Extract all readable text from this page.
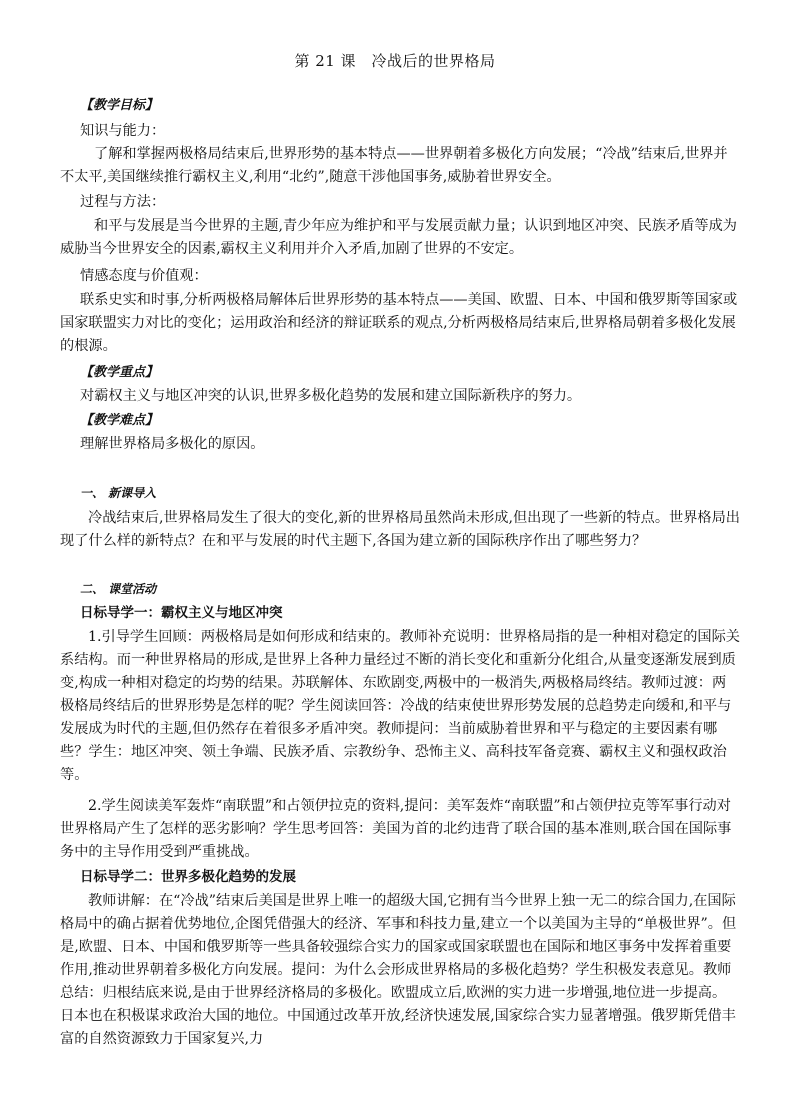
第 21 课　冷战后的世界格局
【教学目标】
知识与能力：
了解和掌握两极格局结束后,世界形势的基本特点——世界朝着多极化方向发展；“冷战”结束后,世界并不太平,美国继续推行霸权主义,利用“北约”,随意干涉他国事务,威胁着世界安全。
过程与方法：
和平与发展是当今世界的主题,青少年应为维护和平与发展贡献力量；认识到地区冲突、民族矛盾等成为威胁当今世界安全的因素,霸权主义利用并介入矛盾,加剧了世界的不安定。
情感态度与价值观：
联系史实和时事,分析两极格局解体后世界形势的基本特点——美国、欧盟、日本、中国和俄罗斯等国家或国家联盟实力对比的变化；运用政治和经济的辩证联系的观点,分析两极格局结束后,世界格局朝着多极化发展的根源。
【教学重点】
对霸权主义与地区冲突的认识,世界多极化趋势的发展和建立国际新秩序的努力。
【教学难点】
理解世界格局多极化的原因。
一、 新课导入
冷战结束后,世界格局发生了很大的变化,新的世界格局虽然尚未形成,但出现了一些新的特点。世界格局出现了什么样的新特点？在和平与发展的时代主题下,各国为建立新的国际秩序作出了哪些努力？
二、 课堂活动
日标导学一：霸权主义与地区冲突
1.引导学生回顾：两极格局是如何形成和结束的。教师补充说明：世界格局指的是一种相对稳定的国际关系结构。而一种世界格局的形成,是世界上各种力量经过不断的消长变化和重新分化组合,从量变逐渐发展到质变,构成一种相对稳定的均势的结果。苏联解体、东欧剧变,两极中的一极消失,两极格局终结。教师过渡：两极格局终结后的世界形势是怎样的呢？学生阅读回答：冷战的结束使世界形势发展的总趋势走向缓和,和平与发展成为时代的主题,但仍然存在着很多矛盾冲突。教师提问：当前威胁着世界和平与稳定的主要因素有哪些？学生：地区冲突、领土争端、民族矛盾、宗教纷争、恐怖主义、高科技军备竞赛、霸权主义和强权政治等。
2.学生阅读美军轰炸“南联盟”和占领伊拉克的资料,提问：美军轰炸“南联盟”和占领伊拉克等军事行动对世界格局产生了怎样的恶劣影响？学生思考回答：美国为首的北约违背了联合国的基本准则,联合国在国际事务中的主导作用受到严重挑战。
日标导学二：世界多极化趋势的发展
教师讲解：在“冷战”结束后美国是世界上唯一的超级大国,它拥有当今世界上独一无二的综合国力,在国际格局中的确占据着优势地位,企图凭借强大的经济、军事和科技力量,建立一个以美国为主导的“单极世界”。但是,欧盟、日本、中国和俄罗斯等一些具备较强综合实力的国家或国家联盟也在国际和地区事务中发挥着重要作用,推动世界朝着多极化方向发展。提问：为什么会形成世界格局的多极化趋势？学生积极发表意见。教师总结：归根结底来说,是由于世界经济格局的多极化。欧盟成立后,欧洲的实力进一步增强,地位进一步提高。日本也在积极谋求政治大国的地位。中国通过改革开放,经济快速发展,国家综合实力显著增强。俄罗斯凭借丰富的自然资源致力于国家复兴,力
